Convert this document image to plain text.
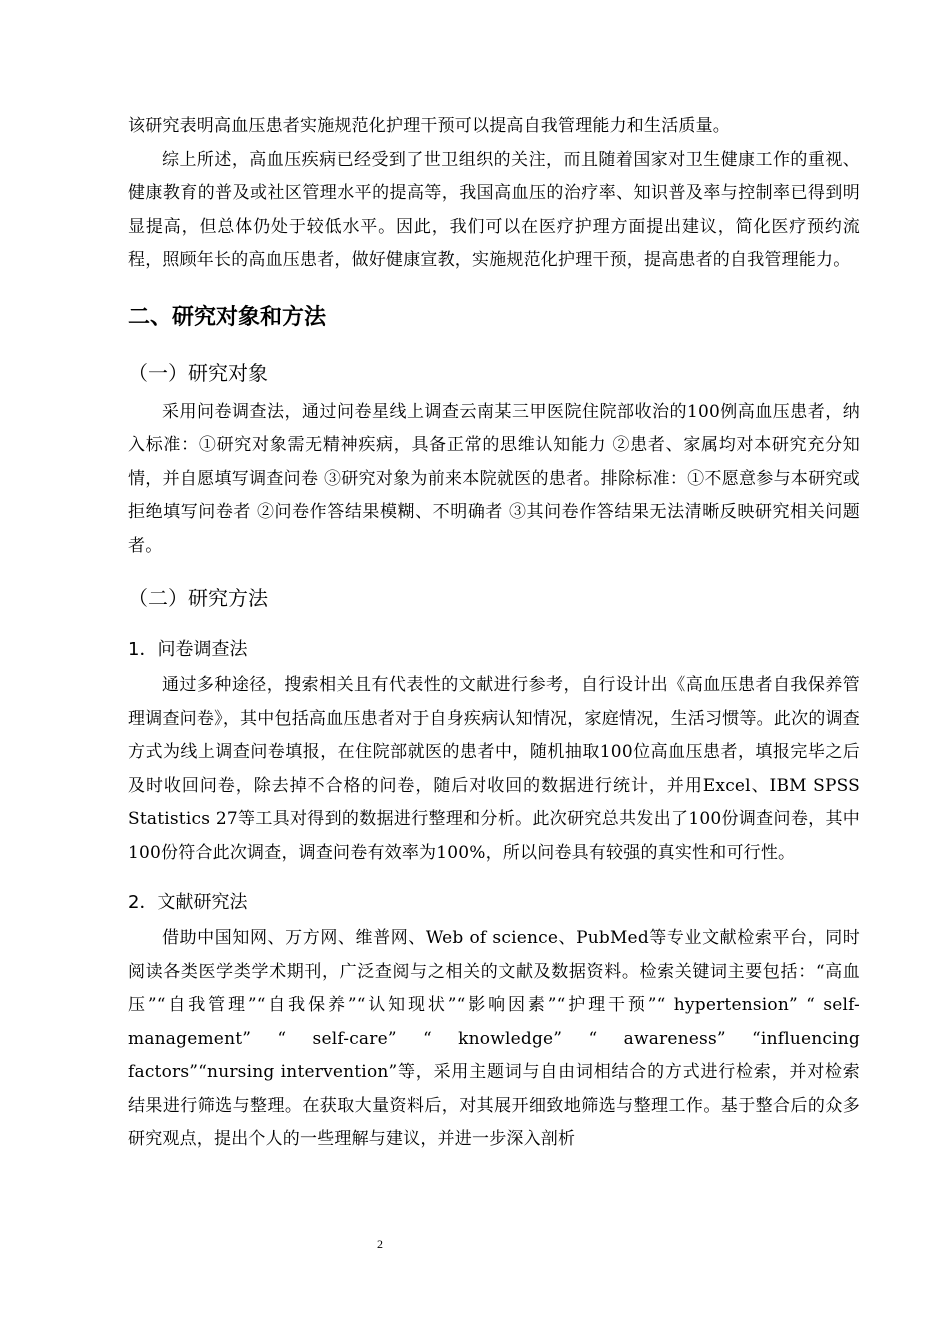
该研究表明高血压患者实施规范化护理干预可以提高自我管理能力和生活质量。

综上所述，高血压疾病已经受到了世卫组织的关注，而且随着国家对卫生健康工作的重视、健康教育的普及或社区管理水平的提高等，我国高血压的治疗率、知识普及率与控制率已得到明显提高，但总体仍处于较低水平。因此，我们可以在医疗护理方面提出建议，简化医疗预约流程，照顾年长的高血压患者，做好健康宣教，实施规范化护理干预，提高患者的自我管理能力。

二、研究对象和方法
（一）研究对象

采用问卷调查法，通过问卷星线上调查云南某三甲医院住院部收治的100例高血压患者，纳入标准：①研究对象需无精神疾病，具备正常的思维认知能力 ②患者、家属均对本研究充分知情，并自愿填写调查问卷 ③研究对象为前来本院就医的患者。排除标准：①不愿意参与本研究或拒绝填写问卷者 ②问卷作答结果模糊、不明确者 ③其问卷作答结果无法清晰反映研究相关问题者。

（二）研究方法
1．问卷调查法

通过多种途径，搜索相关且有代表性的文献进行参考，自行设计出《高血压患者自我保养管理调查问卷》，其中包括高血压患者对于自身疾病认知情况，家庭情况，生活习惯等。此次的调查方式为线上调查问卷填报，在住院部就医的患者中，随机抽取100位高血压患者，填报完毕之后及时收回问卷，除去掉不合格的问卷，随后对收回的数据进行统计，并用Excel、IBM SPSS Statistics 27等工具对得到的数据进行整理和分析。此次研究总共发出了100份调查问卷，其中100份符合此次调查，调查问卷有效率为100%，所以问卷具有较强的真实性和可行性。

2．文献研究法

借助中国知网、万方网、维普网、Web of science、PubMed等专业文献检索平台，同时阅读各类医学类学术期刊，广泛查阅与之相关的文献及数据资料。检索关键词主要包括：“高血压”“自我管理”“自我保养”“认知现状”“影响因素”“护理干预”“ hypertension” “ self-management” “ self-care” “ knowledge” “ awareness” “influencing factors”“nursing intervention”等，采用主题词与自由词相结合的方式进行检索，并对检索结果进行筛选与整理。在获取大量资料后，对其展开细致地筛选与整理工作。基于整合后的众多研究观点，提出个人的一些理解与建议，并进一步深入剖析

2
